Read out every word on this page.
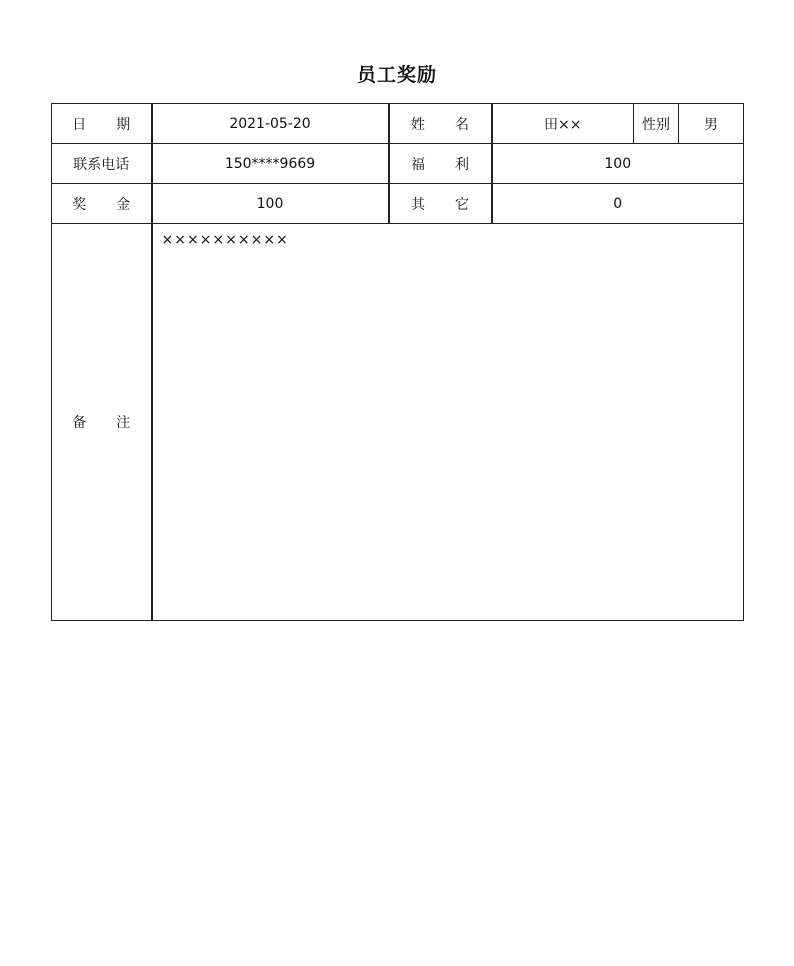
员工奖励
日　期	2021-05-20	姓　名	田××	性别	男
联系电话	150****9669	福　利	100		
奖　金	100	其　它	0		
备　注	××××××××××				
